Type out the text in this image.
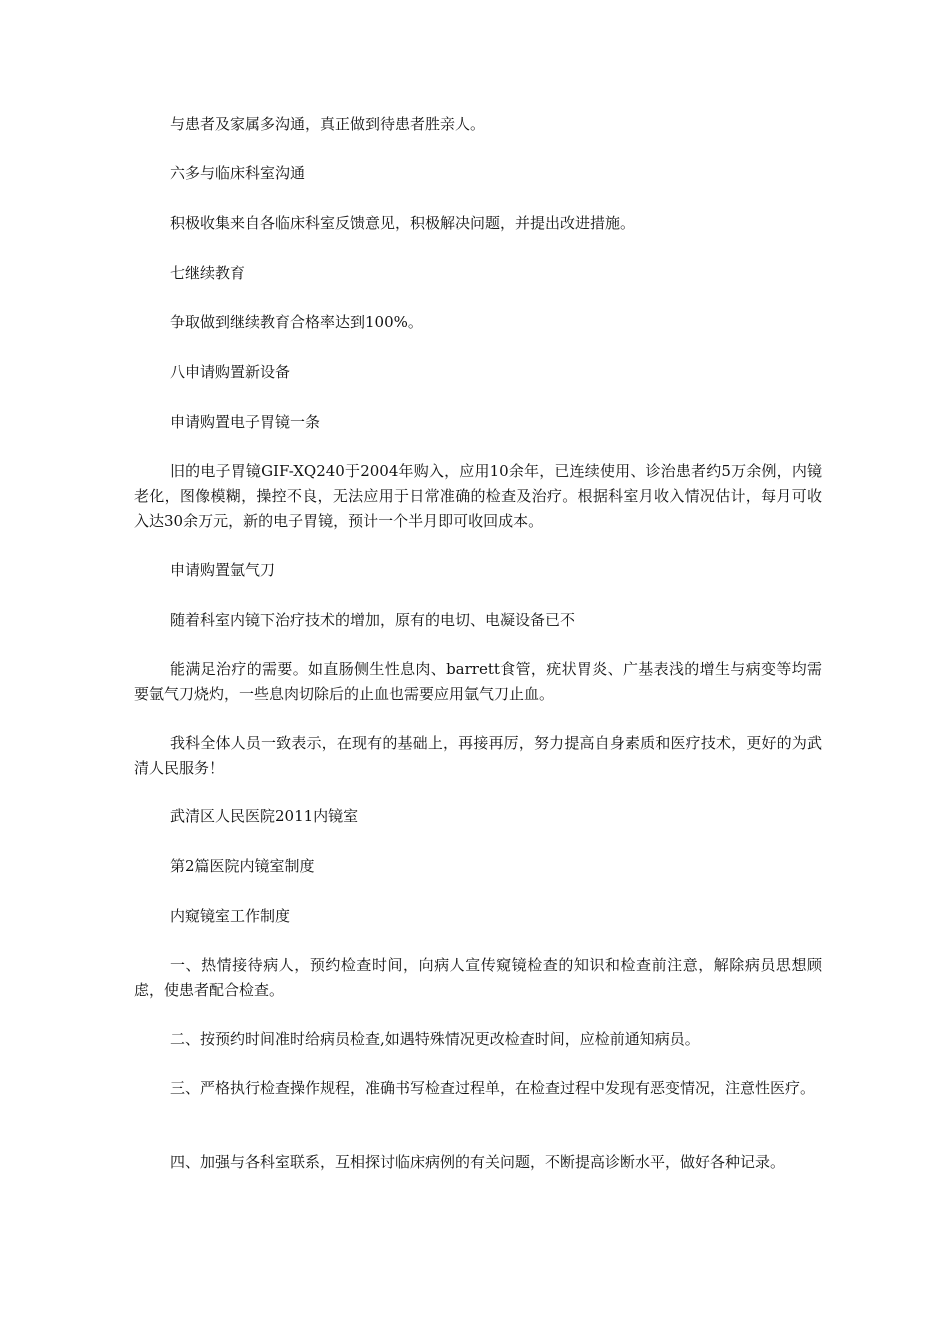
与患者及家属多沟通，真正做到待患者胜亲人。

六多与临床科室沟通

积极收集来自各临床科室反馈意见，积极解决问题，并提出改进措施。

七继续教育

争取做到继续教育合格率达到100%。

八申请购置新设备

申请购置电子胃镜一条

旧的电子胃镜GIF-XQ240于2004年购入，应用10余年，已连续使用、诊治患者约5万余例，内镜老化，图像模糊，操控不良，无法应用于日常准确的检查及治疗。根据科室月收入情况估计，每月可收入达30余万元，新的电子胃镜，预计一个半月即可收回成本。

申请购置氩气刀

随着科室内镜下治疗技术的增加，原有的电切、电凝设备已不

能满足治疗的需要。如直肠侧生性息肉、barrett食管，疣状胃炎、广基表浅的增生与病变等均需要氩气刀烧灼，一些息肉切除后的止血也需要应用氩气刀止血。

我科全体人员一致表示，在现有的基础上，再接再厉，努力提高自身素质和医疗技术，更好的为武清人民服务！

武清区人民医院2011内镜室

第2篇医院内镜室制度

内窥镜室工作制度

一、热情接待病人，预约检查时间，向病人宣传窥镜检查的知识和检查前注意，解除病员思想顾虑，使患者配合检查。

二、按预约时间准时给病员检查,如遇特殊情况更改检查时间，应检前通知病员。

三、严格执行检查操作规程，准确书写检查过程单，在检查过程中发现有恶变情况，注意性医疗。

四、加强与各科室联系，互相探讨临床病例的有关问题，不断提高诊断水平，做好各种记录。
